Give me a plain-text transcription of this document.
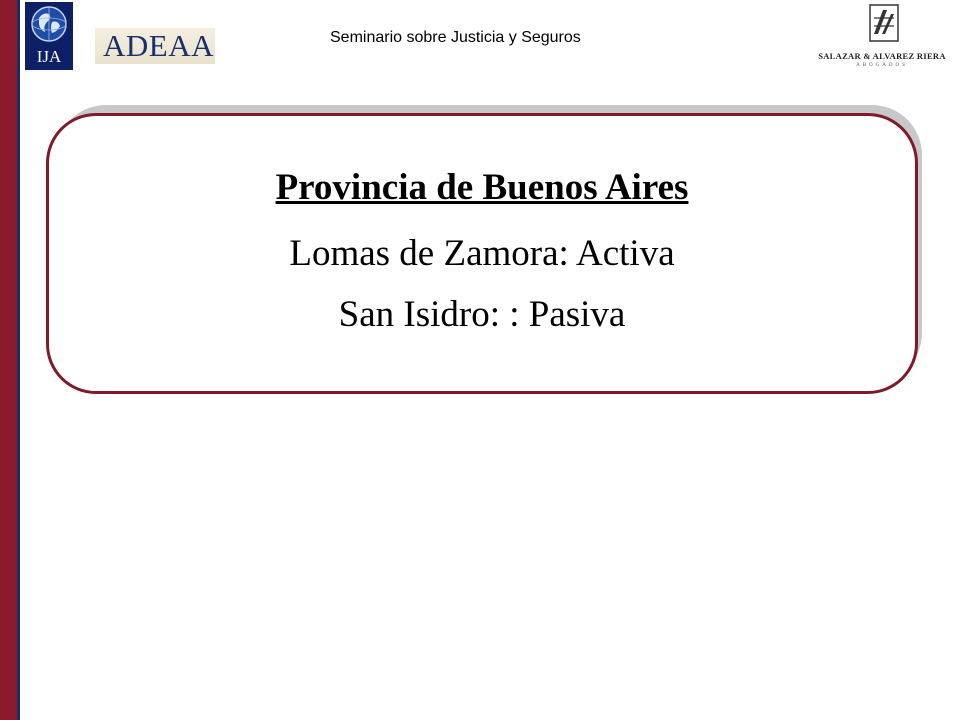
IJA ADEAA	Seminario sobre Justicia y Seguros
SALAZAR & ALVAREZ RIERA
ABOGADOS
Provincia de Buenos Aires
Lomas de Zamora: Activa
San Isidro: : Pasiva
